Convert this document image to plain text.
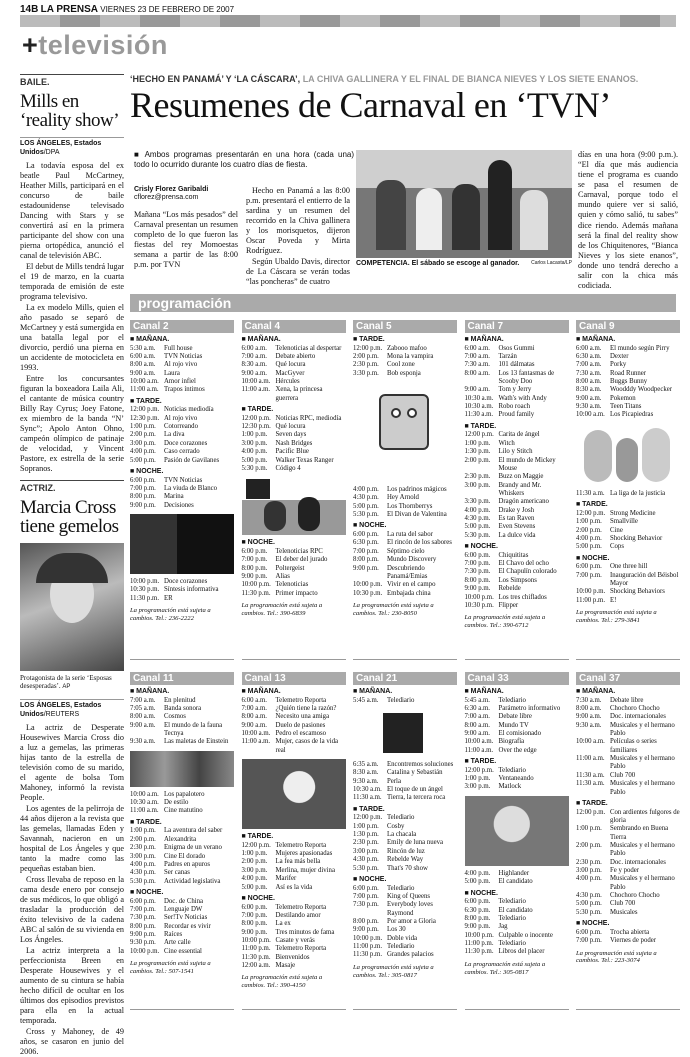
14B LA PRENSA VIERNES 23 DE FEBRERO DE 2007
+televisión
BAILE.
Mills en ‘reality show’
LOS ÁNGELES, Estados Unidos/DPA

La todavía esposa del ex beatle Paul McCartney, Heather Mills, participará en el concurso de baile estadounidense televisado Dancing with Stars y se convertirá así en la primera participante del show con una pierna ortopédica, anunció el canal de televisión ABC.

El debut de Mills tendrá lugar el 19 de marzo, en la cuarta temporada de emisión de este programa televisivo.

La ex modelo Mills, quien el año pasado se separó de McCartney y está sumergida en una batalla legal por el divorcio, perdió una pierna en un accidente de motocicleta en 1993.

Entre los concursantes figuran la boxeadora Laila Ali, el cantante de música country Billy Ray Cyrus; Joey Fatone, ex miembro de la banda “N’ Sync”; Apolo Anton Ohno, campeón olímpico de patinaje de velocidad, y Vincent Pastore, ex estrella de la serie Sopranos.

ACTRIZ.
Marcia Cross tiene gemelos
Protagonista de la serie ‘Esposas desesperadas’. AP
LOS ÁNGELES, Estados Unidos/REUTERS

La actriz de Desperate Housewives Marcia Cross dio a luz a gemelas, las primeras hijas tanto de la estrella de televisión como de su marido, el agente de bolsa Tom Mahoney, informó la revista People.

Los agentes de la pelirroja de 44 años dijeron a la revista que las gemelas, llamadas Eden y Savannah, nacieron en un hospital de Los Ángeles y que tanto la madre como las pequeñas estaban bien.

Cross llevaba de reposo en la cama desde enero por consejo de sus médicos, lo que obligó a trasladar la producción del éxito televisivo de la cadena ABC al salón de su vivienda en Los Ángeles.

La actriz interpreta a la perfeccionista Breen en Desperate Housewives y el aumento de su cintura se había hecho difícil de ocultar en los últimos dos episodios previstos para ella en la actual temporada.

Cross y Mahoney, de 49 años, se casaron en junio del 2006.

‘HECHO EN PANAMÁ’ Y ‘LA CÁSCARA’, LA CHIVA GALLINERA Y EL FINAL DE BIANCA NIEVES Y LOS SIETE ENANOS.
Resumenes de Carnaval en ‘TVN’
■ Ambos programas presentarán en una hora (cada una) todo lo ocurrido durante los cuatro días de fiesta.
Crisly Florez Garibaldi
cflorez@prensa.com
Mañana “Los más pesados” del Carnaval presentan un resumen completo de lo que fueron las fiestas del rey Momoestas semana a partir de las 8:00 p.m. por TVN

Hecho en Panamá a las 8:00 p.m. presentará el entierro de la sardina y un resumen del recorrido en la Chiva gallinera y los morisquetos, dijeron Oscar Poveda y Mirta Rodríguez.

Según Ubaldo Davis, director de La Cáscara se verán todas “las poncheras” de cuatro

COMPETENCIA. El sábado se escoge al ganador. Carlos Lacasta/LP
días en una hora (9:00 p.m.). “El día que más audiencia tiene el programa es cuando se pasa el resumen de Carnaval, porque todo el mundo quiere ver si salió, quien y cómo salió, tu sabes” dice riendo. Además mañana será la final del reality show de los Chiquitenores, “Bianca Nieves y los siete enanos”, donde uno tendrá derecho a salir con la chica más codiciada.
programación
Canal 2
■ MAÑANA.
5:30 a.m.	Full house
6:00 a.m.	TVN Noticias
8:00 a.m.	Al rojo vivo
9:00 a.m.	Laura
10:00 a.m. Amor infiel
11:00 a.m. Trapos íntimos
■ TARDE.
12:00 p.m. Noticias mediodía
12:30 p.m. Al rojo vivo
1:00 p.m.	Cotorreando
2:00 p.m.	La diva
3:00 p.m.	Doce corazones
4:00 p.m.	Caso cerrado
5:00 p.m.	Pasión de Gavilanes
■ NOCHE.
6:00 p.m.	TVN Noticias
7:00 p.m.	La viuda de Blanco
8:00 p.m.	Marina
9:00 p.m.	Decisiones
10:00 p.m. Doce corazones
10:30 p.m. Síntesis informativa
11:30 p.m. ER
La programación está sujeta a cambios. Tel.: 236-2222
Canal 4
■ MAÑANA.
6:00 a.m.	Telenoticias al despertar
7:00 a.m.	Debate abierto
8:30 a.m.	Qué locura
9:00 a.m.	MacGyver
10:00 a.m. Hércules
11:00 a.m. Xena, la princesa guerrera
■ TARDE.
12:00 p.m. Noticias RPC, mediodía
12:30 p.m. Qué locura
1:00 p.m.	Seven days
3:00 p.m.	Nash Bridges
4:00 p.m.	Pacific Blue
5:00 p.m.	Walker Texas Ranger
5:30 p.m.	Código 4
■ NOCHE.
6:00 p.m.	Telenoticias RPC
7:00 p.m.	El deber del jurado
8:00 p.m.	Poltergeist
9:00 p.m.	Alias
10:00 p.m. Telenoticias
11:30 p.m. Primer impacto
La programación está sujeta a cambios. Tel.: 390-6839
Canal 5
■ TARDE.
12:00 p.m. Zabooo mafoo
2:00 p.m.	Mona la vampira
2:30 p.m.	Cool zone
3:30 p.m.	Bob esponja
4:00 p.m.	Los padrinos mágicos
4:30 p.m.	Hey Arnold
5:00 p.m.	Los Thornberrys
5:30 p.m.	El Divan de Valentina
■ NOCHE.
6:00 p.m.	La ruta del sabor
6:30 p.m.	El rincón de los sabores
7:00 p.m.	Séptimo cielo
8:00 p.m.	Mundo Discovery
9:00 p.m.	Descubriendo Panamá/Emias
10:00 p.m. Vivir en el campo
10:30 p.m. Embajada china
La programación está sujeta a cambios. Tel.: 230-8050
Canal 7
■ MAÑANA.
6:00 a.m.	Osos Gummi
7:00 a.m.	Tarzán
7:30 a.m.	101 dálmatas
8:00 a.m.	Los 13 fantasmas de Scooby Doo
9:00 a.m.	Tom y Jerry
10:30 a.m. Wath's with Andy
10:30 a.m. Robo roach
11:30 a.m. Proud family
■ TARDE.
12:00 p.m. Carita de ángel
1:00 p.m.	Witch
1:30 p.m.	Lilo y Stitch
2:00 p.m.	El mundo de Mickey Mouse
2:30 p.m.	Buzz on Maggie
3:00 p.m.	Brandy and Mr. Whiskers
3:30 p.m.	Dragón americano
4:00 p.m.	Drake y Josh
4:30 p.m.	Es tan Raven
5:00 p.m.	Even Stevens
5:30 p.m.	La dulce vida
■ NOCHE.
6:00 p.m.	Chiquititas
7:00 p.m.	El Chavo del ocho
7:30 p.m.	El Chapulín colorado
8:00 p.m.	Los Simpsons
9:00 p.m.	Rebelde
10:00 p.m. Los tres chiflados
10:30 p.m. Flipper
La programación está sujeta a cambios. Tel.: 390-6712
Canal 9
■ MAÑANA.
6:00 a.m.	El mundo según Pirry
6:30 a.m.	Dexter
7:00 a.m.	Porky
7:30 a.m.	Road Runner
8:00 a.m.	Buggs Bunny
8:30 a.m.	Woodddy Woodpecker
9:00 a.m.	Pokemon
9:30 a.m.	Teen Titans
10:00 a.m. Los Picapiedras
11:30 a.m. La liga de la justicia
■ TARDE.
12:00 p.m. Strong Medicine
1:00 p.m.	Smallville
2:00 p.m.	Cine
4:00 p.m.	Shocking Behavior
5:00 p.m.	Cops
■ NOCHE.
6:00 p.m.	One three hill
7:00 p.m.	Inauguración del Béisbol Mayor
10:00 p.m. Shocking Behaviors
11:00 p.m. E!
La programación está sujeta a cambios. Tel.: 279-3841
Canal 11
■ MAÑANA.
7:00 a.m.	En plenitud
7:05 a.m.	Banda sonora
8:00 a.m.	Cosmos
9:00 a.m.	El mundo de la fauna Tecnya
9:30 a.m.	Las maletas de Einstein
10:00 a.m. Los papalotero
10:30 a.m. De estilo
11:00 a.m. Cine matutino
■ TARDE.
1:00 p.m.	La aventura del saber
2:00 p.m.	Alexandrita
2:30 p.m.	Enigma de un verano
3:00 p.m.	Cine El dorado
4:00 p.m.	Padres en apuros
4:30 p.m.	Ser canas
5:30 p.m.	Actividad legislativa
■ NOCHE.
6:00 p.m.	Doc. de China
7:00 p.m.	Lenguaje DW
7:30 p.m.	Ser!Tv Noticias
8:00 p.m.	Recordar es vivir
9:00 p.m.	Raíces
9:30 p.m.	Arte calle
10:00 p.m. Cine essential
La programación está sujeta a cambios. Tel.: 507-1541
Canal 13
■ MAÑANA.
6:00 a.m.	Telemetro Reporta
7:00 a.m.	¿Quién tiene la razón?
8:00 a.m.	Necesito una amiga
9:00 a.m.	Duelo de pasiones
10:00 a.m. Pedro el escamoso
11:00 a.m. Mujer, casos de la vida real
■ TARDE.
12:00 p.m. Telemetro Reporta
1:00 p.m.	Mujeres apasionadas
2:00 p.m.	La fea más bella
3:00 p.m.	Merlina, mujer divina
4:00 p.m.	Marifer
5:00 p.m.	Así es la vida
■ NOCHE.
6:00 p.m.	Telemetro Reporta
7:00 p.m.	Destilando amor
8:00 p.m.	La ex
9:00 p.m.	Tres minutos de fama
10:00 p.m. Casate y verás
11:00 p.m. Telemetro Reporta
11:30 p.m. Bienvenidos
12:00 a.m. Masaje
La programación está sujeta a cambios. Tel.: 390-4150
Canal 21
■ MAÑANA.
5:45 a.m.	Telediario

6:35 a.m.	Encontremos soluciones
8:30 a.m.	Catalina y Sebastián
9:30 a.m.	Perla
10:30 a.m. El toque de un ángel
11:30 a.m. Tierra, la tercera roca
■ TARDE.
12:00 p.m. Telediario
1:00 p.m.	Cosby
1:30 p.m.	La chacala
2:30 p.m.	Emily de luna nueva
3:00 p.m.	Rincón de luz
4:30 p.m.	Rebelde Way
5:30 p.m.	That's 70 show
■ NOCHE.
6:00 p.m.	Telediario
7:00 p.m.	King of Queens
7:30 p.m.	Everybody loves Raymond
8:00 p.m.	Por amor a Gloria
9:00 p.m.	Los 30
10:00 p.m. Doble vida
11:00 p.m. Telediario
11:30 p.m. Grandes palacios
La programación está sujeta a cambios. Tel.: 305-0817
Canal 33
■ MAÑANA.
5:45 a.m.	Telediario
6:30 a.m.	Parámetro informativo
7:00 a.m.	Debate libre
8:00 a.m.	Mundo TV
9:00 a.m.	El comisionado
10:00 a.m. Biografía
11:00 a.m. Over the edge
■ TARDE.
12:00 p.m. Telediario
1:00 p.m.	Ventaneando
3:00 p.m.	Matlock
4:00 p.m.	Highlander
5:00 p.m.	El candidato
■ NOCHE.
6:00 p.m.	Telediario
6:30 p.m.	El candidato
8:00 p.m.	Telediario
9:00 p.m.	Jag
10:00 p.m. Culpable o inocente
11:00 p.m. Telediario
11:30 p.m. Libros del placer
La programación está sujeta a cambios. Tel.: 305-0817
Canal 37
■ MAÑANA.
7:30 a.m.	Debate libre
8:00 a.m.	Chochoro Chocho
9:00 a.m.	Doc. internacionales
9:30 a.m.	Musicales y el hermano Pablo
10:00 a.m. Películas o series familiares
11:00 a.m. Musicales y el hermano Pablo
11:30 a.m. Club 700
11:30 a.m. Musicales y el hermano Pablo
■ TARDE.
12:00 p.m. Con ardientes fulgores de gloria
1:00 p.m.	Sembrando en Buena Tierra
2:00 p.m.	Musicales y el hermano Pablo
2:30 p.m.	Doc. internacionales
3:00 p.m.	Fe y poder
4:00 p.m.	Musicales y el hermano Pablo
4:30 p.m.	Chochoro Chocho
5:00 p.m.	Club 700
5:30 p.m.	Musicales
■ NOCHE.
6:00 p.m.	Trocha abierta
7:00 p.m.	Viernes de poder
La programación está sujeta a cambios. Tel.: 223-3074
